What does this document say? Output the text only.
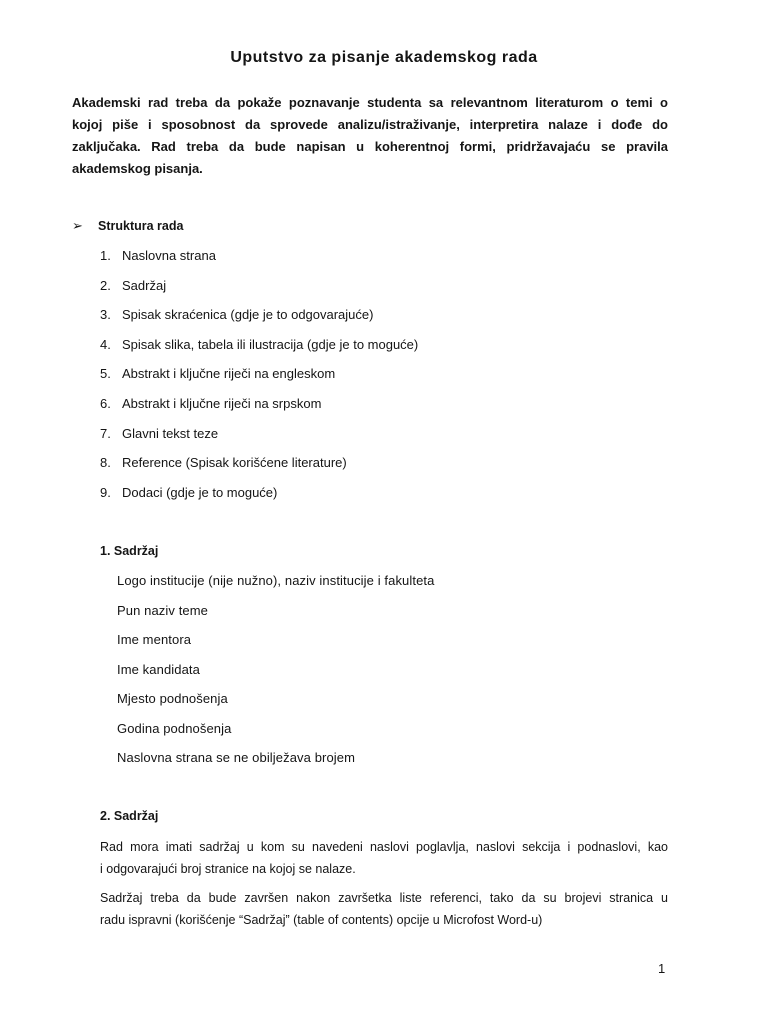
Uputstvo za pisanje akademskog rada
Akademski rad treba da pokaže poznavanje studenta sa relevantnom literaturom o temi o
kojoj piše i sposobnost da sprovede analizu/istraživanje, interpretira nalaze i dođe do
zaključaka. Rad treba da bude napisan u koherentnoj formi, pridržavajaću se pravila
akademskog pisanja.
➢ Struktura rada
1. Naslovna strana
2. Sadržaj
3. Spisak skraćenica (gdje je to odgovarajuće)
4. Spisak slika, tabela ili ilustracija (gdje je to moguće)
5. Abstrakt i ključne riječi na engleskom
6. Abstrakt i ključne riječi na srpskom
7. Glavni tekst teze
8. Reference (Spisak korišćene literature)
9. Dodaci (gdje je to moguće)
1. Sadržaj
Logo institucije (nije nužno), naziv institucije i fakulteta
Pun naziv teme
Ime mentora
Ime kandidata
Mjesto podnošenja
Godina podnošenja
Naslovna strana se ne obilježava brojem
2. Sadržaj
Rad mora imati sadržaj u kom su navedeni naslovi poglavlja, naslovi sekcija i podnaslovi, kao
i odgovarajući broj stranice na kojoj se nalaze.
Sadržaj treba da bude završen nakon završetka liste referenci, tako da su brojevi stranica u
radu ispravni (korišćenje “Sadržaj” (table of contents) opcije u Microfost Word-u)
1
